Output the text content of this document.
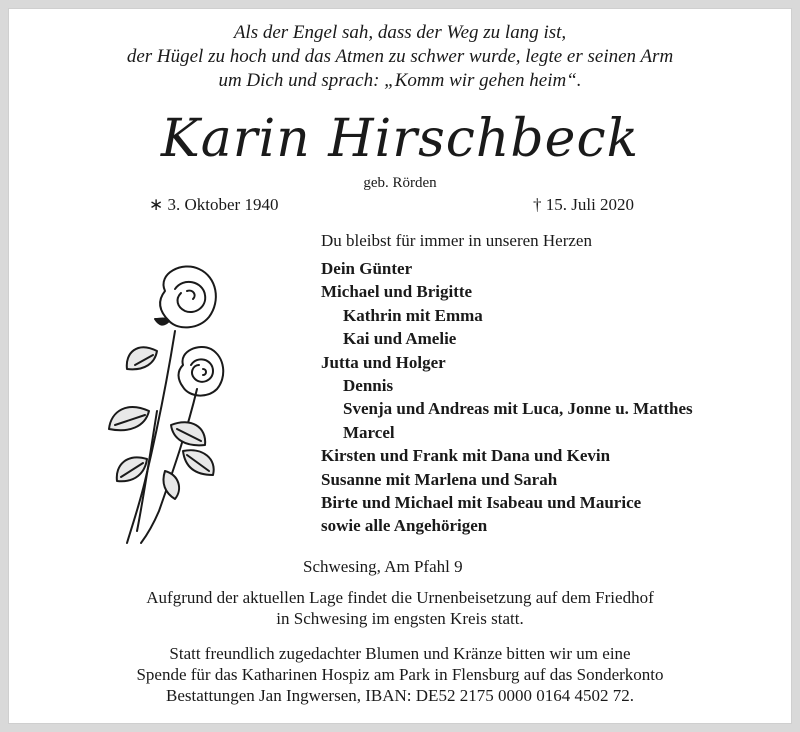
Als der Engel sah, dass der Weg zu lang ist,
der Hügel zu hoch und das Atmen zu schwer wurde, legte er seinen Arm
um Dich und sprach: „Komm wir gehen heim“.
Karin Hirschbeck
geb. Rörden
∗ 3. Oktober 1940	† 15. Juli 2020
Du bleibst für immer in unseren Herzen
Dein Günter
Michael und Brigitte
Kathrin mit Emma
Kai und Amelie
Jutta und Holger
Dennis
Svenja und Andreas mit Luca, Jonne u. Matthes
Marcel
Kirsten und Frank mit Dana und Kevin
Susanne mit Marlena und Sarah
Birte und Michael mit Isabeau und Maurice
sowie alle Angehörigen
Schwesing, Am Pfahl 9
Aufgrund der aktuellen Lage findet die Urnenbeisetzung auf dem Friedhof
in Schwesing im engsten Kreis statt.
Statt freundlich zugedachter Blumen und Kränze bitten wir um eine
Spende für das Katharinen Hospiz am Park in Flensburg auf das Sonderkonto
Bestattungen Jan Ingwersen, IBAN: DE52 2175 0000 0164 4502 72.
